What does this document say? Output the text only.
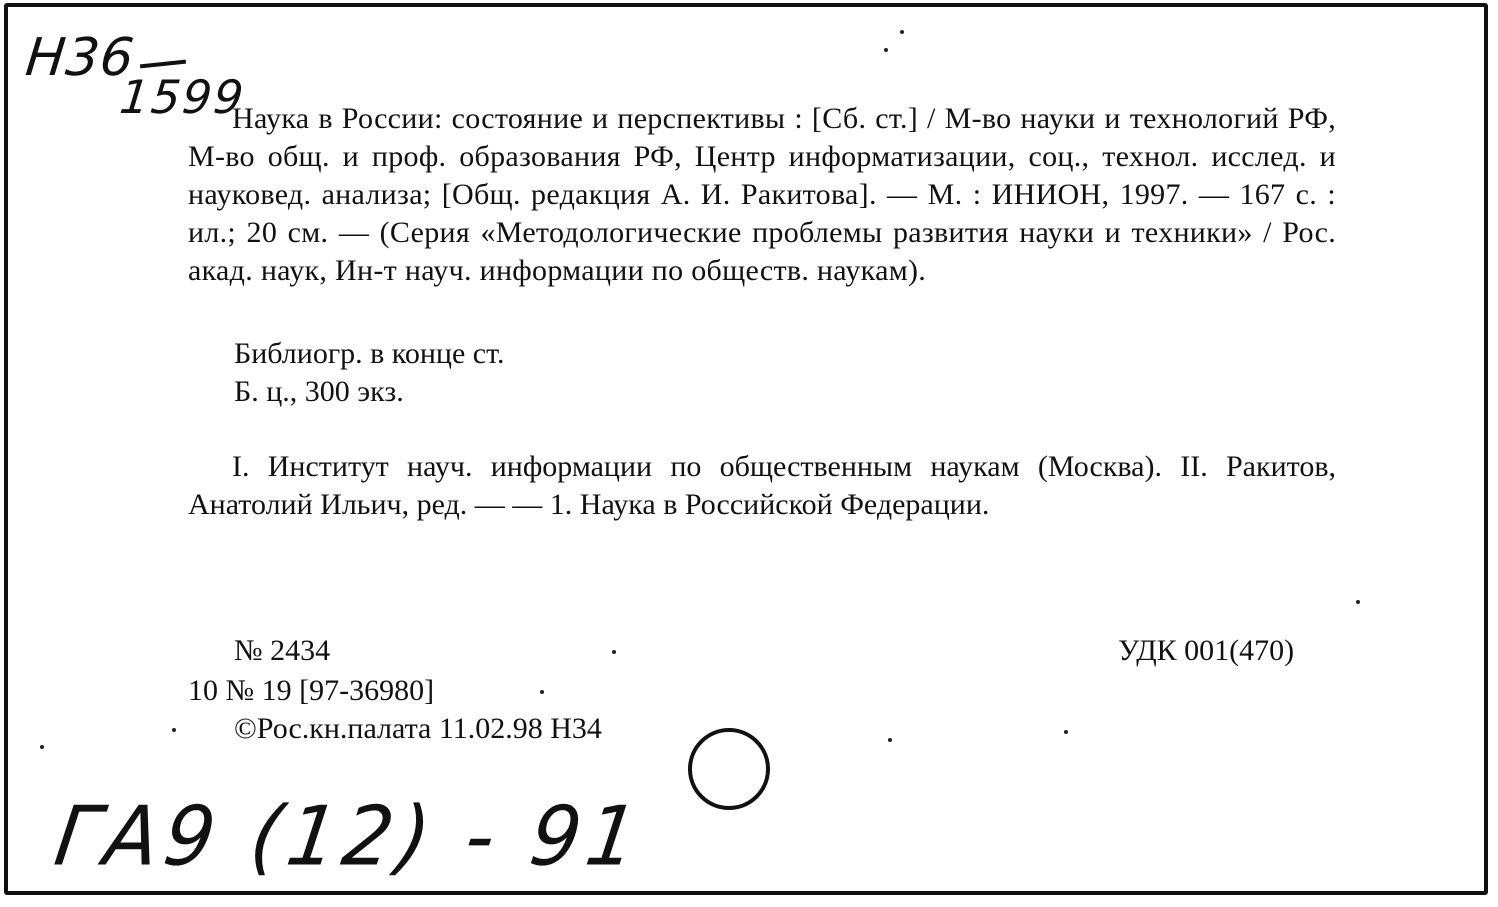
Н36
1599
Наука в России: состояние и перспективы : [Сб. ст.] / М-во науки и технологий РФ, М-во общ. и проф. образования РФ, Центр информатизации, соц., технол. исслед. и науковед. анализа; [Общ. редакция А. И. Ракитова]. — М. : ИНИОН, 1997. — 167 с. : ил.; 20 см. — (Серия «Методологические проблемы развития науки и техники» / Рос. акад. наук, Ин-т науч. информации по обществ. наукам).
Библиогр. в конце ст.
Б. ц., 300 экз.
I. Институт науч. информации по общественным наукам (Москва). II. Ракитов, Анатолий Ильич, ред. — — 1. Наука в Российской Федерации.
№ 2434	УДК 001(470)
10 № 19 [97-36980]
©Рос.кн.палата 11.02.98 Н34
ГА9 (12) - 91
